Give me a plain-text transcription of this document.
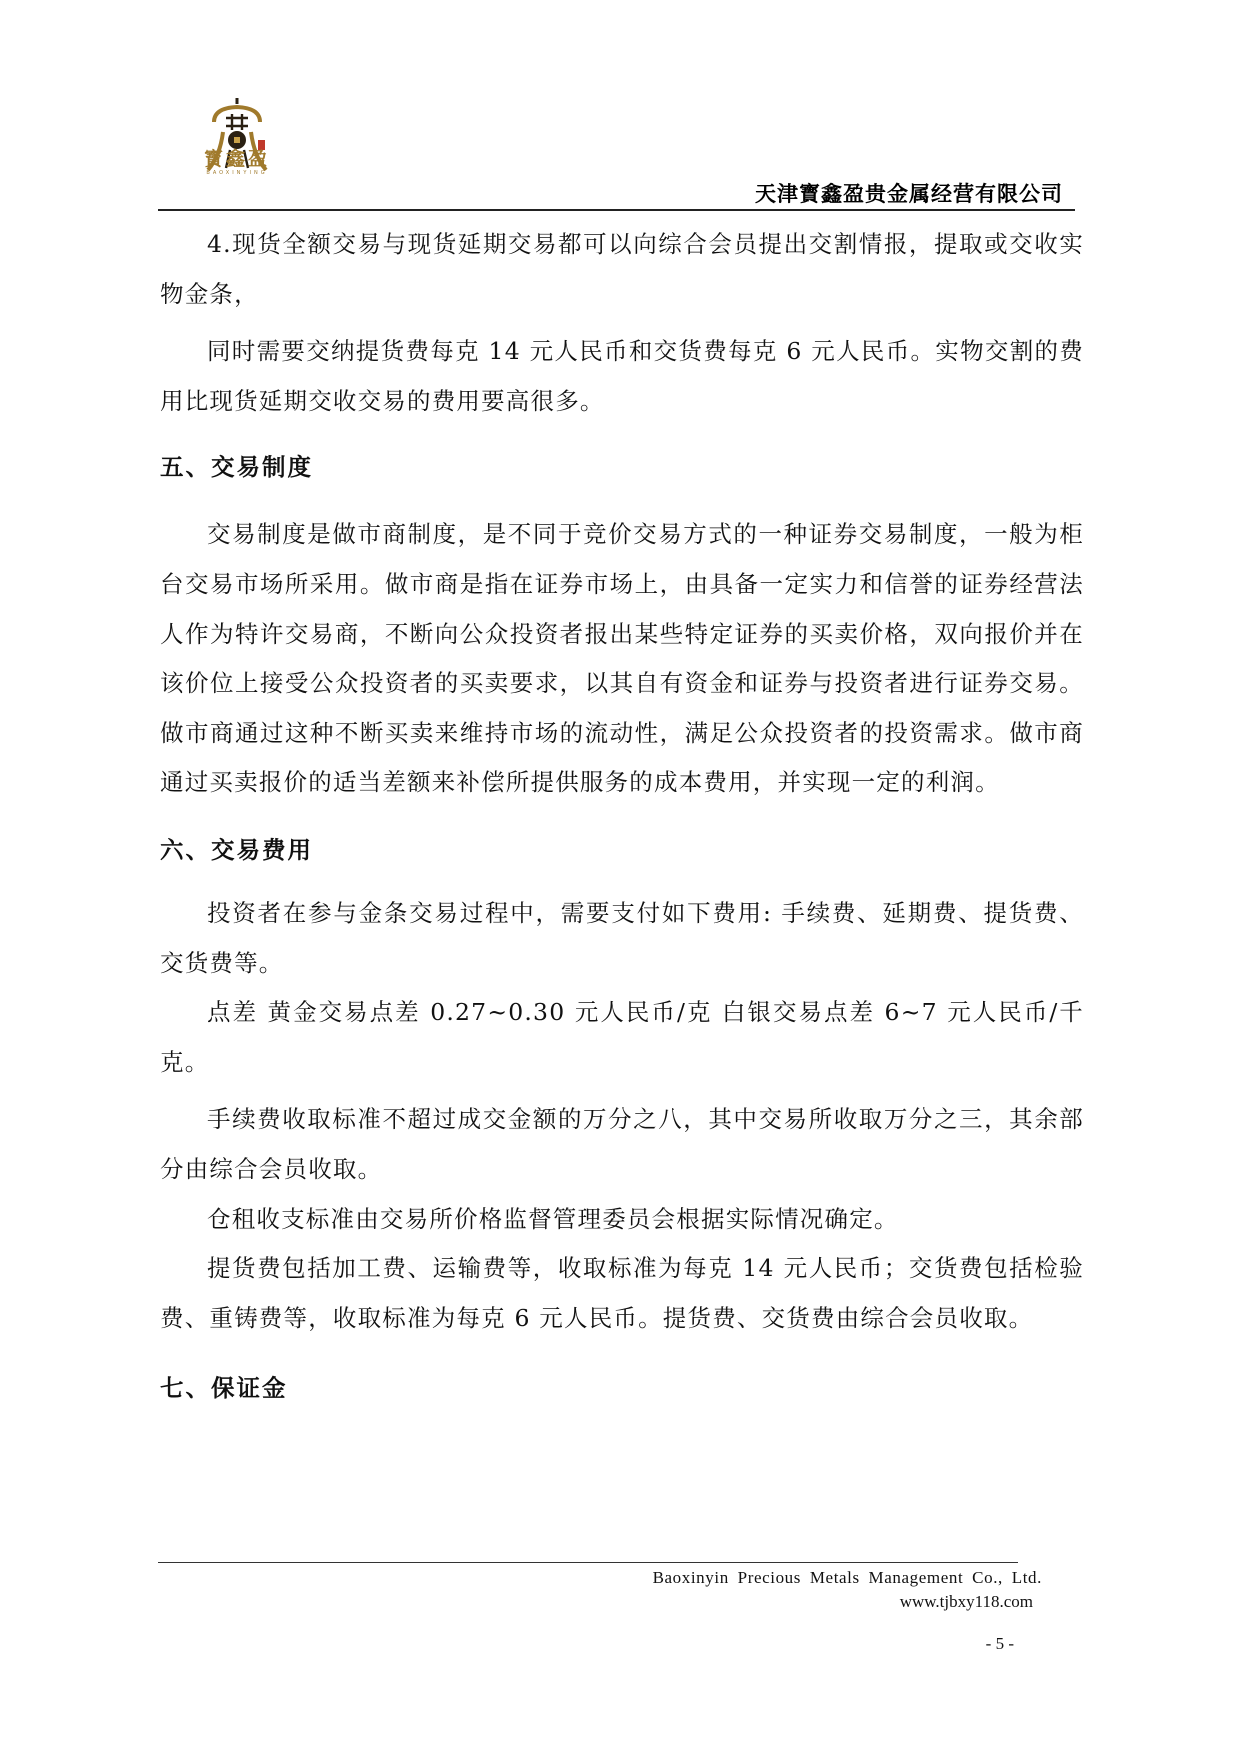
寳鑫盈
BAOXINYING
天津寳鑫盈贵金属经营有限公司

4.现货全额交易与现货延期交易都可以向综合会员提出交割情报，提取或交收实物金条，

同时需要交纳提货费每克 14 元人民币和交货费每克 6 元人民币。实物交割的费用比现货延期交收交易的费用要高很多。

五、交易制度

交易制度是做市商制度，是不同于竞价交易方式的一种证券交易制度，一般为柜台交易市场所采用。做市商是指在证券市场上，由具备一定实力和信誉的证券经营法人作为特许交易商，不断向公众投资者报出某些特定证券的买卖价格，双向报价并在该价位上接受公众投资者的买卖要求，以其自有资金和证券与投资者进行证券交易。做市商通过这种不断买卖来维持市场的流动性，满足公众投资者的投资需求。做市商通过买卖报价的适当差额来补偿所提供服务的成本费用，并实现一定的利润。

六、交易费用

投资者在参与金条交易过程中，需要支付如下费用: 手续费、延期费、提货费、交货费等。

点差 黄金交易点差 0.27~0.30 元人民币/克 白银交易点差 6~7 元人民币/千克。

手续费收取标准不超过成交金额的万分之八，其中交易所收取万分之三，其余部分由综合会员收取。

仓租收支标准由交易所价格监督管理委员会根据实际情况确定。

提货费包括加工费、运输费等，收取标准为每克 14 元人民币；交货费包括检验费、重铸费等，收取标准为每克 6 元人民币。提货费、交货费由综合会员收取。

七、保证金
Baoxinyin Precious Metals Management Co., Ltd.
www.tjbxy118.com
- 5 -
